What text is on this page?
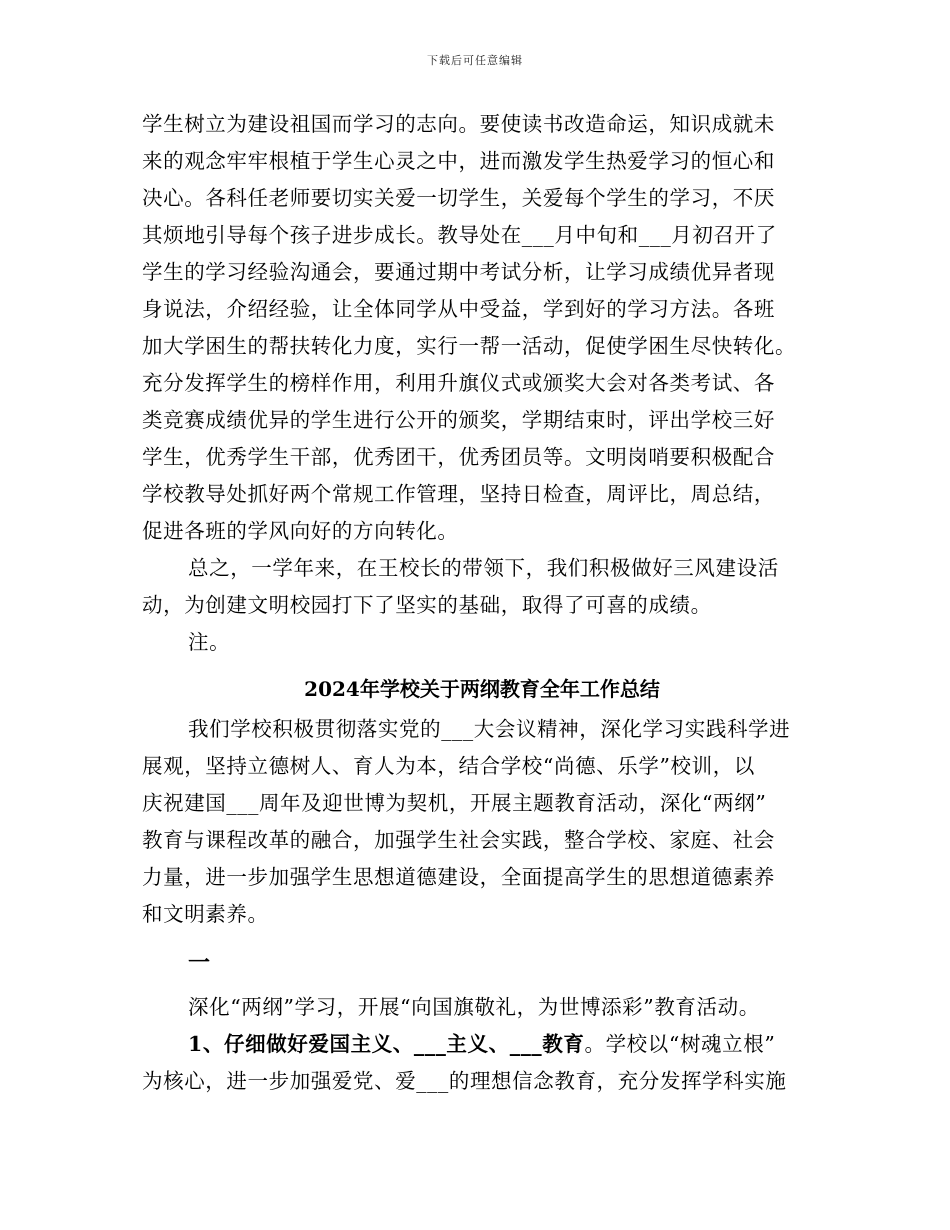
下载后可任意编辑
学生树立为建设祖国而学习的志向。要使读书改造命运，知识成就未
来的观念牢牢根植于学生心灵之中，进而激发学生热爱学习的恒心和
决心。各科任老师要切实关爱一切学生，关爱每个学生的学习，不厌
其烦地引导每个孩子进步成长。教导处在___月中旬和___月初召开了
学生的学习经验沟通会，要通过期中考试分析，让学习成绩优异者现
身说法，介绍经验，让全体同学从中受益，学到好的学习方法。各班
加大学困生的帮扶转化力度，实行一帮一活动，促使学困生尽快转化。
充分发挥学生的榜样作用，利用升旗仪式或颁奖大会对各类考试、各
类竞赛成绩优异的学生进行公开的颁奖，学期结束时，评出学校三好
学生，优秀学生干部，优秀团干，优秀团员等。文明岗哨要积极配合
学校教导处抓好两个常规工作管理，坚持日检查，周评比，周总结，
促进各班的学风向好的方向转化。
总之，一学年来，在王校长的带领下，我们积极做好三风建设活
动，为创建文明校园打下了坚实的基础，取得了可喜的成绩。
注。
2024年学校关于两纲教育全年工作总结
我们学校积极贯彻落实党的___大会议精神，深化学习实践科学进
展观，坚持立德树人、育人为本，结合学校“尚德、乐学”校训，以
庆祝建国___周年及迎世博为契机，开展主题教育活动，深化“两纲”
教育与课程改革的融合，加强学生社会实践，整合学校、家庭、社会
力量，进一步加强学生思想道德建设，全面提高学生的思想道德素养
和文明素养。
一
深化“两纲”学习，开展“向国旗敬礼，为世博添彩”教育活动。
1、仔细做好爱国主义、___主义、___教育。学校以“树魂立根”
为核心，进一步加强爱党、爱___的理想信念教育，充分发挥学科实施
